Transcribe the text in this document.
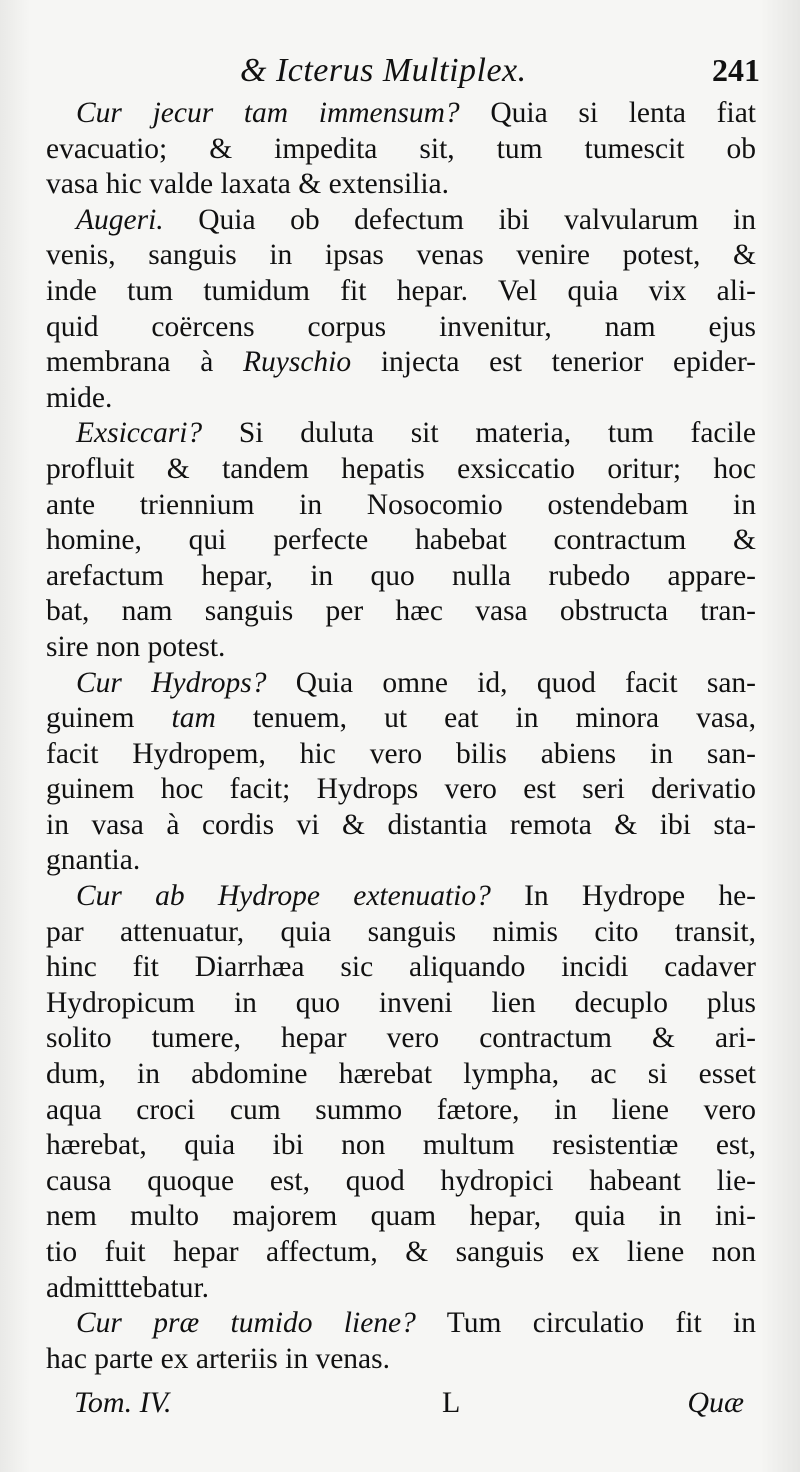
& Icterus Multiplex.	241
Cur jecur tam immensum? Quia si lenta fiat
evacuatio; & impedita sit, tum tumescit ob
vasa hic valde laxata & extensilia.
Augeri. Quia ob defectum ibi valvularum in
venis, sanguis in ipsas venas venire potest, &
inde tum tumidum fit hepar. Vel quia vix ali-
quid coërcens corpus invenitur, nam ejus
membrana à Ruyschio injecta est tenerior epider-
mide.
Exsiccari? Si duluta sit materia, tum facile
profluit & tandem hepatis exsiccatio oritur; hoc
ante triennium in Nosocomio ostendebam in
homine, qui perfecte habebat contractum &
arefactum hepar, in quo nulla rubedo appare-
bat, nam sanguis per hæc vasa obstructa tran-
sire non potest.
Cur Hydrops? Quia omne id, quod facit san-
guinem tam tenuem, ut eat in minora vasa,
facit Hydropem, hic vero bilis abiens in san-
guinem hoc facit; Hydrops vero est seri derivatio
in vasa à cordis vi & distantia remota & ibi sta-
gnantia.
Cur ab Hydrope extenuatio? In Hydrope he-
par attenuatur, quia sanguis nimis cito transit,
hinc fit Diarrhæa sic aliquando incidi cadaver
Hydropicum in quo inveni lien decuplo plus
solito tumere, hepar vero contractum & ari-
dum, in abdomine hærebat lympha, ac si esset
aqua croci cum summo fætore, in liene vero
hærebat, quia ibi non multum resistentiæ est,
causa quoque est, quod hydropici habeant lie-
nem multo majorem quam hepar, quia in ini-
tio fuit hepar affectum, & sanguis ex liene non
admitttebatur.
Cur præ tumido liene? Tum circulatio fit in
hac parte ex arteriis in venas.
Tom. IV.	L	Quæ
